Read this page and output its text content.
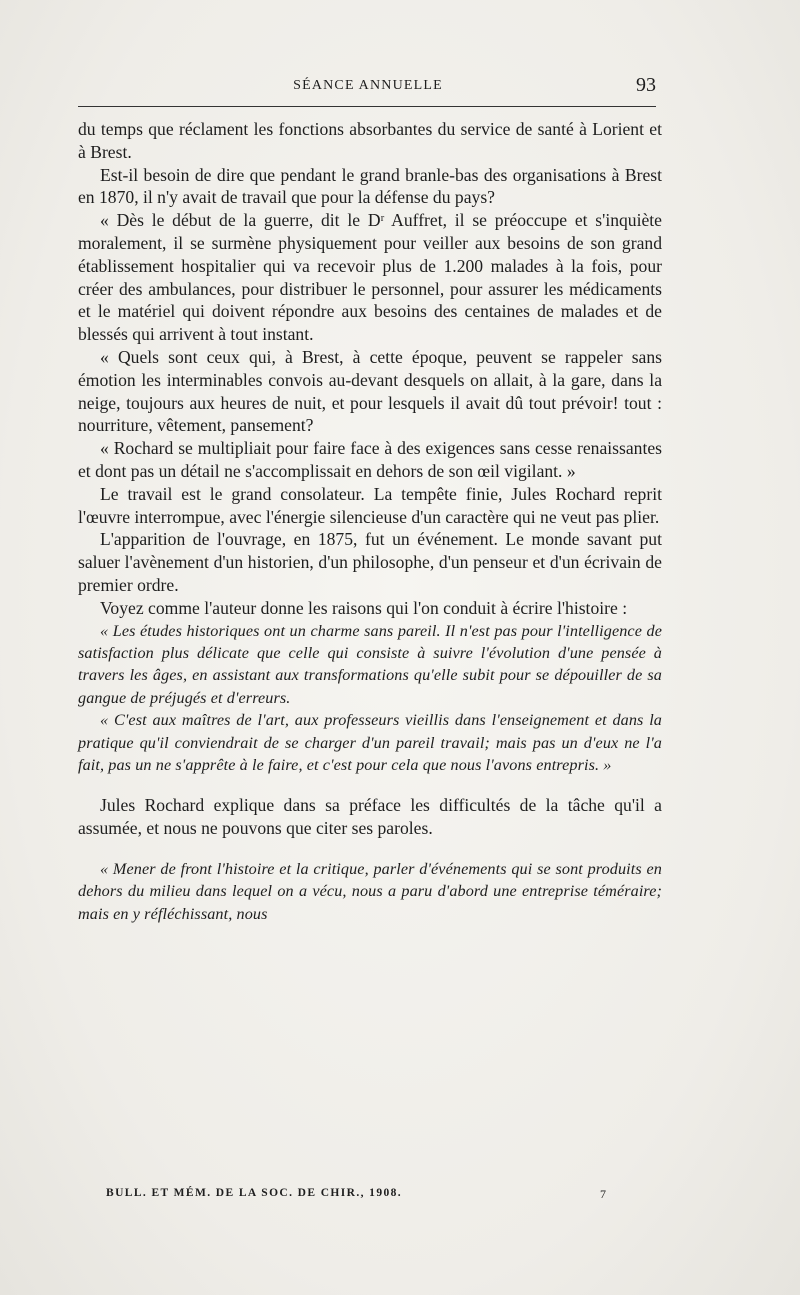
SÉANCE ANNUELLE	93

du temps que réclament les fonctions absorbantes du service de santé à Lorient et à Brest.

Est-il besoin de dire que pendant le grand branle-bas des organisations à Brest en 1870, il n'y avait de travail que pour la défense du pays?

« Dès le début de la guerre, dit le Dʳ Auffret, il se préoccupe et s'inquiète moralement, il se surmène physiquement pour veiller aux besoins de son grand établissement hospitalier qui va recevoir plus de 1.200 malades à la fois, pour créer des ambulances, pour distribuer le personnel, pour assurer les médicaments et le matériel qui doivent répondre aux besoins des centaines de malades et de blessés qui arrivent à tout instant.

« Quels sont ceux qui, à Brest, à cette époque, peuvent se rappeler sans émotion les interminables convois au-devant desquels on allait, à la gare, dans la neige, toujours aux heures de nuit, et pour lesquels il avait dû tout prévoir! tout : nourriture, vêtement, pansement?

« Rochard se multipliait pour faire face à des exigences sans cesse renaissantes et dont pas un détail ne s'accomplissait en dehors de son œil vigilant. »

Le travail est le grand consolateur. La tempête finie, Jules Rochard reprit l'œuvre interrompue, avec l'énergie silencieuse d'un caractère qui ne veut pas plier.

L'apparition de l'ouvrage, en 1875, fut un événement. Le monde savant put saluer l'avènement d'un historien, d'un philosophe, d'un penseur et d'un écrivain de premier ordre.

Voyez comme l'auteur donne les raisons qui l'on conduit à écrire l'histoire :

« Les études historiques ont un charme sans pareil. Il n'est pas pour l'intelligence de satisfaction plus délicate que celle qui consiste à suivre l'évolution d'une pensée à travers les âges, en assistant aux transformations qu'elle subit pour se dépouiller de sa gangue de préjugés et d'erreurs.

« C'est aux maîtres de l'art, aux professeurs vieillis dans l'enseignement et dans la pratique qu'il conviendrait de se charger d'un pareil travail; mais pas un d'eux ne l'a fait, pas un ne s'apprête à le faire, et c'est pour cela que nous l'avons entrepris. »

Jules Rochard explique dans sa préface les difficultés de la tâche qu'il a assumée, et nous ne pouvons que citer ses paroles.

« Mener de front l'histoire et la critique, parler d'événements qui se sont produits en dehors du milieu dans lequel on a vécu, nous a paru d'abord une entreprise téméraire; mais en y réfléchissant, nous

BULL. ET MÉM. DE LA SOC. DE CHIR., 1908.	7
